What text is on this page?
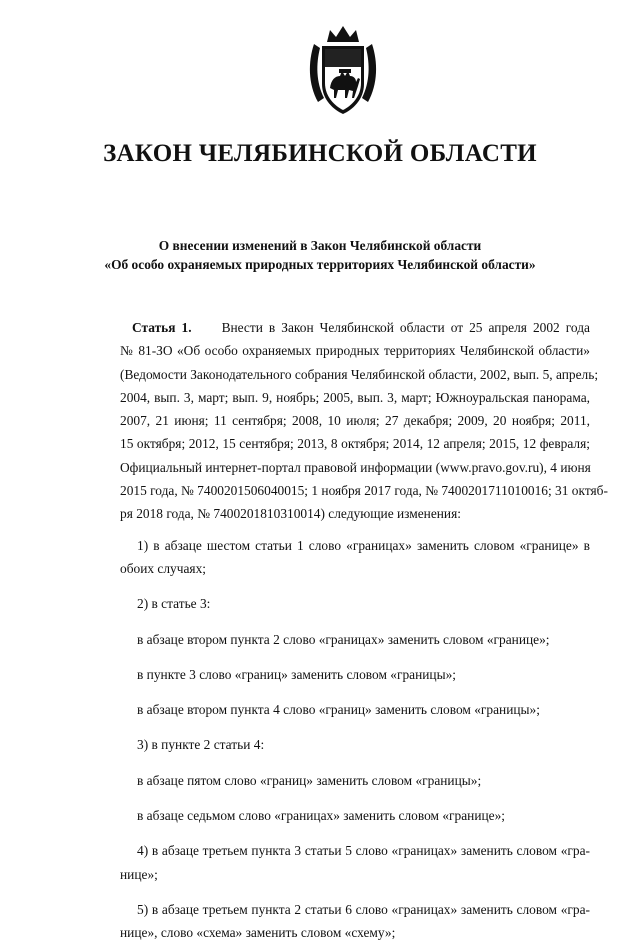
ЗАКОН ЧЕЛЯБИНСКОЙ ОБЛАСТИ
О внесении изменений в Закон Челябинской области
«Об особо охраняемых природных территориях Челябинской области»
Статья 1. Внести в Закон Челябинской области от 25 апреля 2002 года
№ 81-ЗО «Об особо охраняемых природных территориях Челябинской области»
(Ведомости Законодательного собрания Челябинской области, 2002, вып. 5, апрель;
2004, вып. 3, март; вып. 9, ноябрь; 2005, вып. 3, март; Южноуральская панорама,
2007, 21 июня; 11 сентября; 2008, 10 июля; 27 декабря; 2009, 20 ноября; 2011,
15 октября; 2012, 15 сентября; 2013, 8 октября; 2014, 12 апреля; 2015, 12 февраля;
Официальный интернет-портал правовой информации (www.pravo.gov.ru), 4 июня
2015 года, № 7400201506040015; 1 ноября 2017 года, № 7400201711010016; 31 октяб-
ря 2018 года, № 7400201810310014) следующие изменения:
1) в абзаце шестом статьи 1 слово «границах» заменить словом «границе» в
обоих случаях;
2) в статье 3:
в абзаце втором пункта 2 слово «границах» заменить словом «границе»;
в пункте 3 слово «границ» заменить словом «границы»;
в абзаце втором пункта 4 слово «границ» заменить словом «границы»;
3) в пункте 2 статьи 4:
в абзаце пятом слово «границ» заменить словом «границы»;
в абзаце седьмом слово «границах» заменить словом «границе»;
4) в абзаце третьем пункта 3 статьи 5 слово «границах» заменить словом «гра-
нице»;
5) в абзаце третьем пункта 2 статьи 6 слово «границах» заменить словом «гра-
нице», слово «схема» заменить словом «схему»;
